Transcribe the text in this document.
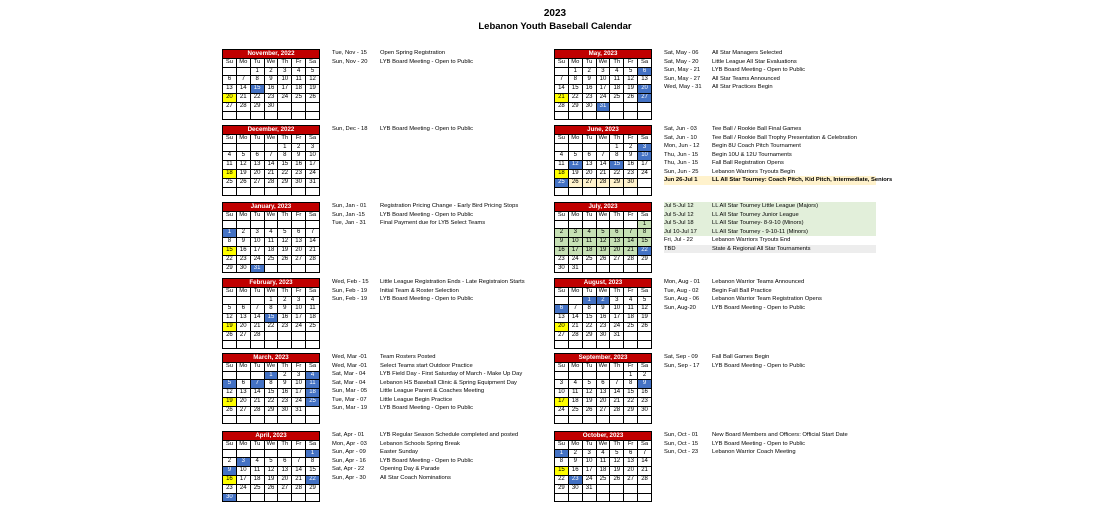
2023
Lebanon Youth Baseball Calendar
November, 2022						
Su	Mo	Tu	We	Th	Fr	Sa
		1	2	3	4	5
6	7	8	9	10	11	12
13	14	15	16	17	18	19
20	21	22	23	24	25	26
27	28	29	30			

Tue, Nov - 15 Open Spring Registration
Sun, Nov - 20 LYB Board Meeting - Open to Public
December, 2022						
Su	Mo	Tu	We	Th	Fr	Sa
				1	2	3
4	5	6	7	8	9	10
11	12	13	14	15	16	17
18	19	20	21	22	23	24
25	26	27	28	29	30	31

Sun, Dec - 18 LYB Board Meeting - Open to Public
January, 2023						
Su	Mo	Tu	We	Th	Fr	Sa

1	2	3	4	5	6	7
8	9	10	11	12	13	14
15	16	17	18	19	20	21
22	23	24	25	26	27	28
29	30	31				
Sun, Jan - 01 Registration Pricing Change - Early Bird Pricing Stops
Sun, Jan -15	LYB Board Meeting - Open to Public
Tue, Jan - 31 Final Payment due for LYB Select Teams
February, 2023						
Su	Mo	Tu	We	Th	Fr	Sa
			1	2	3	4
5	6	7	8	9	10	11
12	13	14	15	16	17	18
19	20	21	22	23	24	25
26	27	28				

Wed, Feb - 15 Little League Registration Ends - Late Registraion Starts
Sun, Feb - 19 Initial Team & Roster Selection
Sun, Feb - 19 LYB Board Meeting - Open to Public
March, 2023						
Su	Mo	Tu	We	Th	Fr	Sa
			1	2	3	4
5	6	7	8	9	10	11
12	13	14	15	16	17	18
19	20	21	22	23	24	25
26	27	28	29	30	31	

Wed, Mar -01 Team Rosters Posted
Wed, Mar -01 Select Teams start Outdoor Practice
Sat, Mar - 04 LYB Field Day - First Saturday of March - Make Up Day
Sat, Mar - 04 Lebanon HS Baseball Clinic & Spring Equipment Day
Sun, Mar - 05 Little League Parent & Coaches Meeting
Tue, Mar - 07 Little League Begin Practice
Sun, Mar - 19 LYB Board Meeting - Open to Public
April, 2023						
Su	Mo	Tu	We	Th	Fr	Sa
						1
2	3	4	5	6	7	8
9	10	11	12	13	14	15
16	17	18	19	20	21	22
23	24	25	26	27	28	29
30						
Sat, Apr - 01	LYB Regular Season Schedule completed and posted
Mon, Apr - 03 Lebanon Schools Spring Break
Sun, Apr - 09 Easter Sunday
Sun, Apr - 16 LYB Board Meeting - Open to Public
Sat, Apr - 22	Opening Day & Parade
Sun, Apr - 30 All Star Coach Nominations
May, 2023						
Su	Mo	Tu	We	Th	Fr	Sa
	1	2	3	4	5	6
7	8	9	10	11	12	13
14	15	16	17	18	19	20
21	22	23	24	25	26	27
28	29	30	31			

Sat, May - 06 All Star Managers Selected
Sat, May - 20 Little League All Star Evaluations
Sun, May - 21 LYB Board Meeting - Open to Public
Sun, May - 27 All Star Teams Announced
Wed, May - 31 All Star Practices Begin
June, 2023						
Su	Mo	Tu	We	Th	Fr	Sa
				1	2	3
4	5	6	7	8	9	10
11	12	13	14	15	16	17
18	19	20	21	22	23	24
25	26	27	28	29	30	

Sat, Jun - 03	Tee Ball / Rookie Ball Final Games
Sat, Jun - 10	Tee Ball / Rookie Ball Trophy Presentation & Celebration
Mon, Jun - 12 Begin 8U Coach Pitch Tournament
Thu, Jun - 15 Begin 10U & 12U Tournaments
Thu, Jun - 15 Fall Ball Registration Opens
Sun, Jun - 25 Lebanon Warriors Tryouts Begin
Jun 26-Jul 1 LL All Star Tourney: Coach Pitch, Kid Pitch, Intermediate, Seniors
July, 2023						
Su	Mo	Tu	We	Th	Fr	Sa
						1
2	3	4	5	6	7	8
9	10	11	12	13	14	15
16	17	18	19	20	21	22
23	24	25	26	27	28	29
30	31					
Jul 5-Jul 12	LL All Star Tourney Little League (Majors)
Jul 5-Jul 12	LL All Star Tourney Junior League
Jul 5-Jul 18	LL All Star Tourney- 8-9-10 (Minors)
Jul 10-Jul 17	LL All Star Tourney - 9-10-11 (Minors)
Fri, Jul - 22	Lebanon Warriors Tryouts End
TBD	State & Regional All Star Tournaments
August, 2023						
Su	Mo	Tu	We	Th	Fr	Sa
		1	2	3	4	5
6	7	8	9	10	11	12
13	14	15	16	17	18	19
20	21	22	23	24	25	26
27	28	29	30	31		

Mon, Aug - 01 Lebanon Warrior Teams Announced
Tue, Aug - 02 Begin Fall Ball Practice
Sun, Aug - 06 Lebanon Warrior Team Registration Opens
Sun, Aug-20	LYB Board Meeting - Open to Public
September, 2023						
Su	Mo	Tu	We	Th	Fr	Sa
					1	2
3	4	5	6	7	8	9
10	11	12	13	14	15	16
17	18	19	20	21	22	23
24	25	26	27	28	29	30

Sat, Sep - 09 Fall Ball Games Begin
Sun, Sep - 17 LYB Board Meeting - Open to Public
October, 2023						
Su	Mo	Tu	We	Th	Fr	Sa
1	2	3	4	5	6	7
8	9	10	11	12	13	14
15	16	17	18	19	20	21
22	23	24	25	26	27	28
29	30	31				

Sun, Oct - 01 New Board Members and Officers: Official Start Date
Sun, Oct - 15 LYB Board Meeting - Open to Public
Sun, Oct - 23 Lebanon Warrior Coach Meeting
